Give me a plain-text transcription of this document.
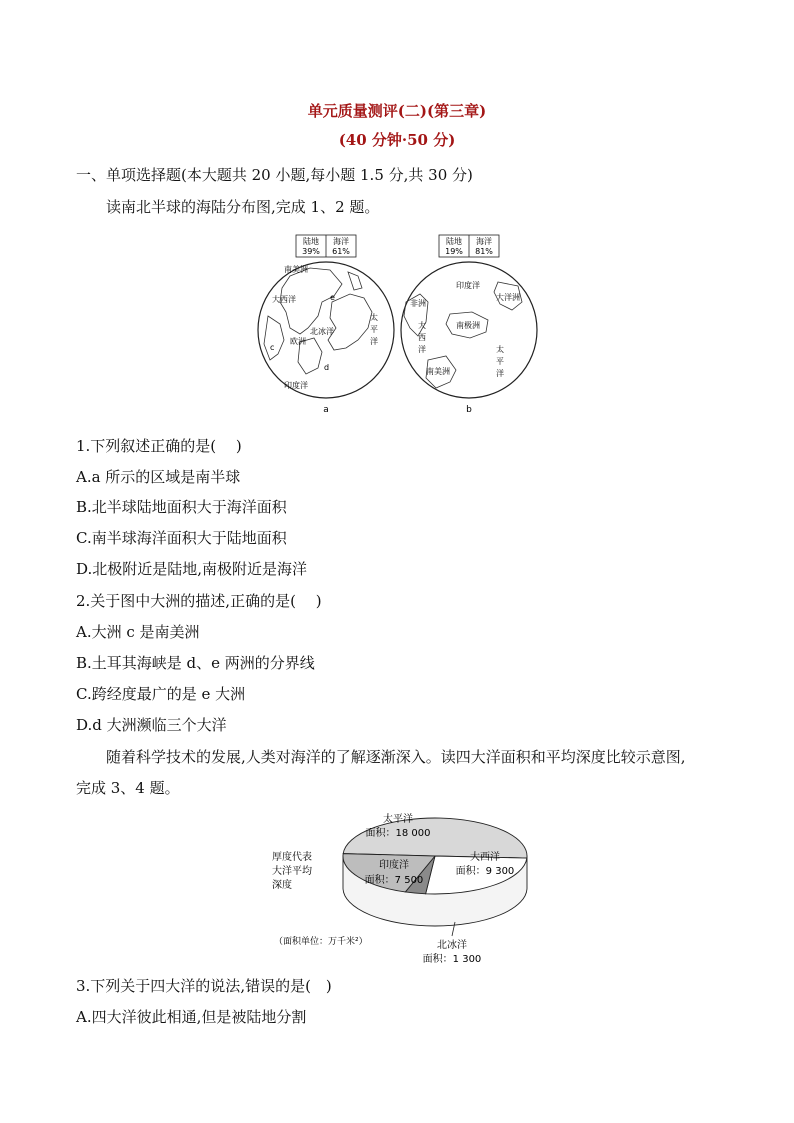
单元质量测评(二)(第三章)
(40 分钟·50 分)
一、单项选择题(本大题共 20 小题,每小题 1.5 分,共 30 分)
读南北半球的海陆分布图,完成 1、2 题。
陆地
39%
海洋
61%
南美洲
大西洋	e
c
欧洲
北冰洋
太
平
洋
d
印度洋
a
陆地
19%
海洋
81%
印度洋
非洲
大洋洲
南极洲
大
西
洋	太
平
洋
南美洲
b
1.下列叙述正确的是(　 )
A.a 所示的区域是南半球
B.北半球陆地面积大于海洋面积
C.南半球海洋面积大于陆地面积
D.北极附近是陆地,南极附近是海洋
2.关于图中大洲的描述,正确的是(　 )
A.大洲 c 是南美洲
B.土耳其海峡是 d、e 两洲的分界线
C.跨经度最广的是 e 大洲
D.d 大洲濒临三个大洋
随着科学技术的发展,人类对海洋的了解逐渐深入。读四大洋面积和平均深度比较示意图,
完成 3、4 题。
厚度代表
大洋平均
深度
（面积单位：万千米²）
太平洋
面积：18 000
印度洋
面积：7 500
大西洋
面积：9 300
北冰洋
面积：1 300
3.下列关于四大洋的说法,错误的是(　)
A.四大洋彼此相通,但是被陆地分割
